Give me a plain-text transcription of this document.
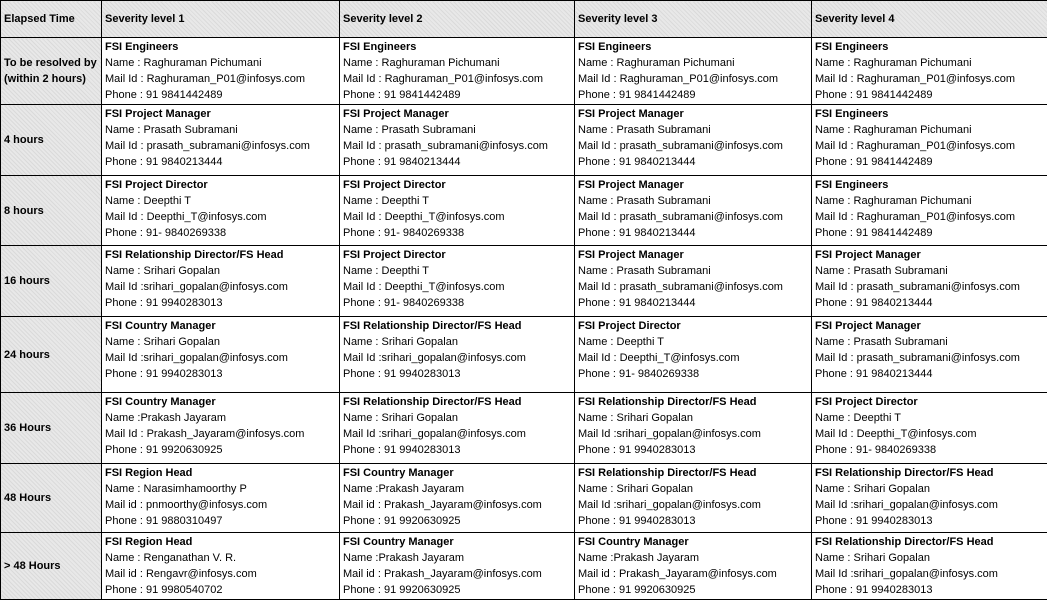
Elapsed Time	Severity level 1	Severity level 2	Severity level 3	Severity level 4
To be resolved by (within 2 hours)	FSI Engineers
Name : Raghuraman Pichumani
Mail Id : Raghuraman_P01@infosys.com
Phone : 91 9841442489	FSI Engineers
Name : Raghuraman Pichumani
Mail Id : Raghuraman_P01@infosys.com
Phone : 91 9841442489	FSI Engineers
Name : Raghuraman Pichumani
Mail Id : Raghuraman_P01@infosys.com
Phone : 91 9841442489	FSI Engineers
Name : Raghuraman Pichumani
Mail Id : Raghuraman_P01@infosys.com
Phone : 91 9841442489

4 hours	FSI Project Manager
Name : Prasath Subramani
Mail Id : prasath_subramani@infosys.com
Phone : 91 9840213444	FSI Project Manager
Name : Prasath Subramani
Mail Id : prasath_subramani@infosys.com
Phone : 91 9840213444	FSI Project Manager
Name : Prasath Subramani
Mail Id : prasath_subramani@infosys.com
Phone : 91 9840213444	FSI Engineers
Name : Raghuraman Pichumani
Mail Id : Raghuraman_P01@infosys.com
Phone : 91 9841442489

8 hours	FSI Project Director
Name : Deepthi T
Mail Id : Deepthi_T@infosys.com
Phone : 91- 9840269338	FSI Project Director
Name : Deepthi T
Mail Id : Deepthi_T@infosys.com
Phone : 91- 9840269338	FSI Project Manager
Name : Prasath Subramani
Mail Id : prasath_subramani@infosys.com
Phone : 91 9840213444	FSI Engineers
Name : Raghuraman Pichumani
Mail Id : Raghuraman_P01@infosys.com
Phone : 91 9841442489

16 hours	FSI Relationship Director/FS Head
Name : Srihari Gopalan
Mail Id :srihari_gopalan@infosys.com
Phone : 91 9940283013	FSI Project Director
Name : Deepthi T
Mail Id : Deepthi_T@infosys.com
Phone : 91- 9840269338	FSI Project Manager
Name : Prasath Subramani
Mail Id : prasath_subramani@infosys.com
Phone : 91 9840213444	FSI Project Manager
Name : Prasath Subramani
Mail Id : prasath_subramani@infosys.com
Phone : 91 9840213444

24 hours	FSI Country Manager
Name : Srihari Gopalan
Mail Id :srihari_gopalan@infosys.com
Phone : 91 9940283013	FSI Relationship Director/FS Head
Name : Srihari Gopalan
Mail Id :srihari_gopalan@infosys.com
Phone : 91 9940283013	FSI Project Director
Name : Deepthi T
Mail Id : Deepthi_T@infosys.com
Phone : 91- 9840269338	FSI Project Manager
Name : Prasath Subramani
Mail Id : prasath_subramani@infosys.com
Phone : 91 9840213444

36 Hours	FSI Country Manager
Name :Prakash Jayaram
Mail Id : Prakash_Jayaram@infosys.com
Phone : 91 9920630925	FSI Relationship Director/FS Head
Name : Srihari Gopalan
Mail Id :srihari_gopalan@infosys.com
Phone : 91 9940283013	FSI Relationship Director/FS Head
Name : Srihari Gopalan
Mail Id :srihari_gopalan@infosys.com
Phone : 91 9940283013	FSI Project Director
Name : Deepthi T
Mail Id : Deepthi_T@infosys.com
Phone : 91- 9840269338

48 Hours	FSI Region Head
Name : Narasimhamoorthy P
Mail id : pnmoorthy@infosys.com
Phone : 91 9880310497	FSI Country Manager
Name :Prakash Jayaram
Mail id : Prakash_Jayaram@infosys.com
Phone : 91 9920630925	FSI Relationship Director/FS Head
Name : Srihari Gopalan
Mail Id :srihari_gopalan@infosys.com
Phone : 91 9940283013	FSI Relationship Director/FS Head
Name : Srihari Gopalan
Mail Id :srihari_gopalan@infosys.com
Phone : 91 9940283013

> 48 Hours	FSI Region Head
Name : Renganathan V. R.
Mail id : Rengavr@infosys.com
Phone : 91 9980540702	FSI Country Manager
Name :Prakash Jayaram
Mail id : Prakash_Jayaram@infosys.com
Phone : 91 9920630925	FSI Country Manager
Name :Prakash Jayaram
Mail id : Prakash_Jayaram@infosys.com
Phone : 91 9920630925	FSI Relationship Director/FS Head
Name : Srihari Gopalan
Mail Id :srihari_gopalan@infosys.com
Phone : 91 9940283013
